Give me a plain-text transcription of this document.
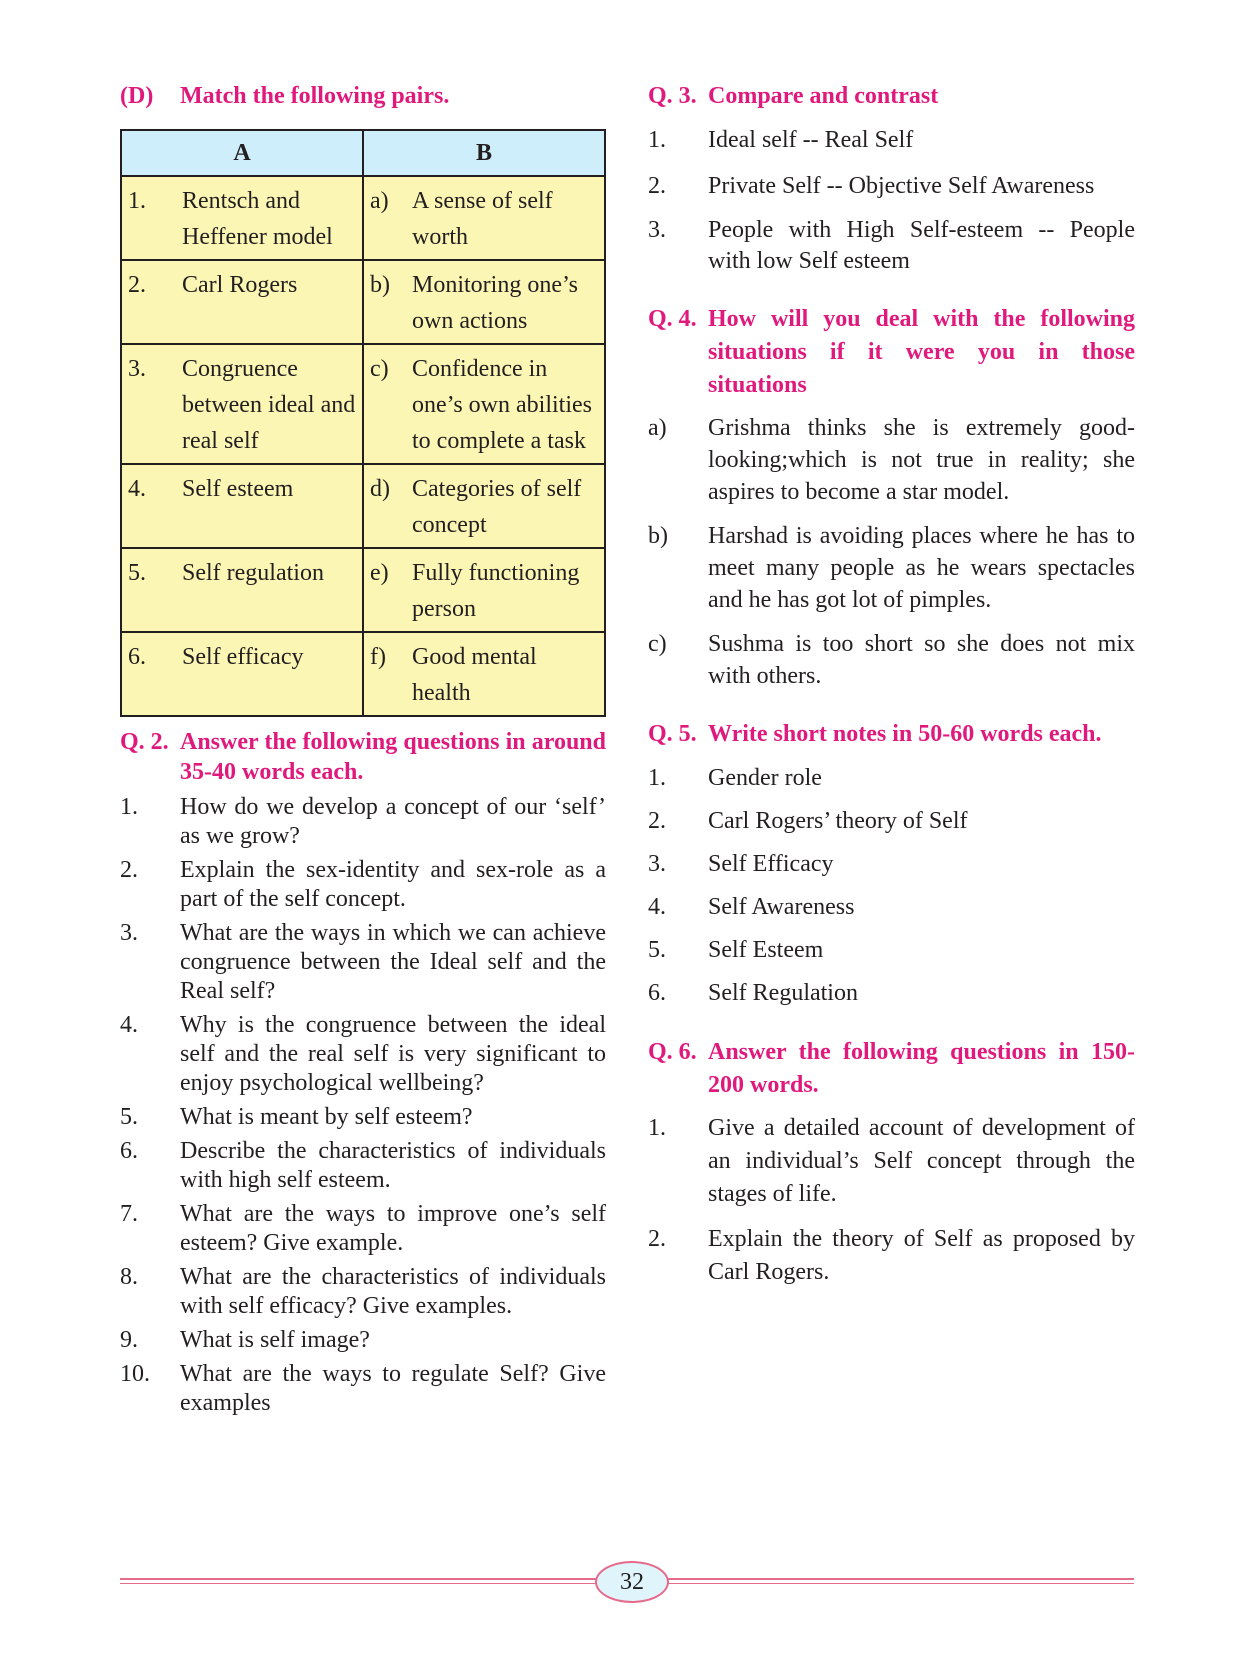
(D)	Match the following pairs.
A	B

1. Rentsch and Heffener model	a) A sense of self worth

2. Carl Rogers	b) Monitoring one’s own actions

3. Congruence between ideal and real self	c) Confidence in one’s own abilities to complete a task

4. Self esteem	d) Categories of self concept

5. Self regulation	e) Fully functioning person

6. Self efficacy	f) Good mental health
Q. 2. Answer the following questions in around 35-40 words each.
1.	How do we develop a concept of our ‘self’ as we grow?
2.	Explain the sex-identity and sex-role as a part of the self concept.
3.	What are the ways in which we can achieve congruence between the Ideal self and the Real self?
4.	Why is the congruence between the ideal self and the real self is very significant to enjoy psychological wellbeing?
5.	What is meant by self esteem?
6.	Describe the characteristics of individuals with high self esteem.
7.	What are the ways to improve one’s self esteem? Give example.
8.	What are the characteristics of individuals with self efficacy? Give examples.
9.	What is self image?
10.	What are the ways to regulate Self? Give examples
Q. 3. Compare and contrast
1.	Ideal self -- Real Self
2.	Private Self -- Objective Self Awareness
3.	People with High Self-esteem -- People with low Self esteem
Q. 4. How will you deal with the following situations if it were you in those situations
a)	Grishma thinks she is extremely good-looking;which is not true in reality; she aspires to become a star model.
b)	Harshad is avoiding places where he has to meet many people as he wears spectacles and he has got lot of pimples.
c)	Sushma is too short so she does not mix with others.
Q. 5. Write short notes in 50-60 words each.
1.	Gender role
2.	Carl Rogers’ theory of Self
3.	Self Efficacy
4.	Self Awareness
5.	Self Esteem
6.	Self Regulation
Q. 6. Answer the following questions in 150-200 words.
1.	Give a detailed account of development of an individual’s Self concept through the stages of life.
2.	Explain the theory of Self as proposed by Carl Rogers.
32
